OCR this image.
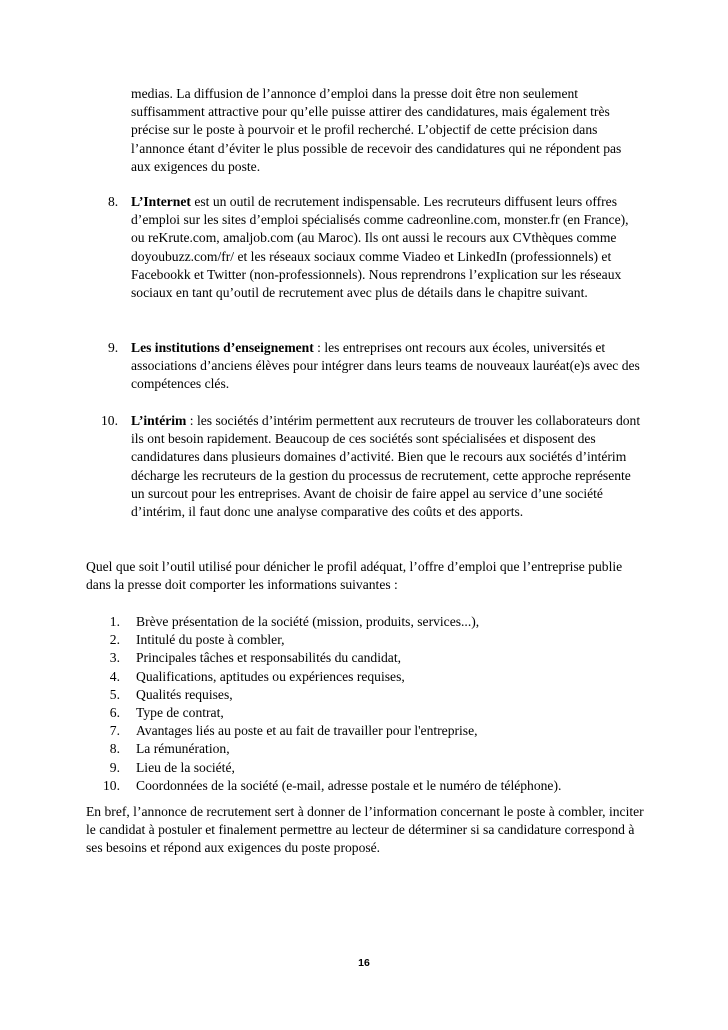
medias. La diffusion de l’annonce d’emploi dans la presse doit être non seulement suffisamment attractive pour qu’elle puisse attirer des candidatures, mais également très précise sur le poste à pourvoir et le profil recherché. L’objectif de cette précision dans l’annonce étant d’éviter le plus possible de recevoir des candidatures qui ne répondent pas aux exigences du poste.
8. L’Internet est un outil de recrutement indispensable. Les recruteurs diffusent leurs offres d’emploi sur les sites d’emploi spécialisés comme cadreonline.com, monster.fr (en France), ou reKrute.com, amaljob.com (au Maroc). Ils ont aussi le recours aux CVthèques comme doyoubuzz.com/fr/ et les réseaux sociaux comme Viadeo et LinkedIn (professionnels) et Facebookk et Twitter (non-professionnels). Nous reprendrons l’explication sur les réseaux sociaux en tant qu’outil de recrutement avec plus de détails dans le chapitre suivant.
9. Les institutions d’enseignement : les entreprises ont recours aux écoles, universités et associations d’anciens élèves pour intégrer dans leurs teams de nouveaux lauréat(e)s avec des compétences clés.
10. L’intérim : les sociétés d’intérim permettent aux recruteurs de trouver les collaborateurs dont ils ont besoin rapidement. Beaucoup de ces sociétés sont spécialisées et disposent des candidatures dans plusieurs domaines d’activité. Bien que le recours aux sociétés d’intérim décharge les recruteurs de la gestion du processus de recrutement, cette approche représente un surcout pour les entreprises. Avant de choisir de faire appel au service d’une société d’intérim, il faut donc une analyse comparative des coûts et des apports.
Quel que soit l’outil utilisé pour dénicher le profil adéquat, l’offre d’emploi que l’entreprise publie dans la presse doit comporter les informations suivantes :
1. Brève présentation de la société (mission, produits, services...),
2. Intitulé du poste à combler,
3. Principales tâches et responsabilités du candidat,
4. Qualifications, aptitudes ou expériences requises,
5. Qualités requises,
6. Type de contrat,
7. Avantages liés au poste et au fait de travailler pour l'entreprise,
8. La rémunération,
9. Lieu de la société,
10. Coordonnées de la société (e-mail, adresse postale et le numéro de téléphone).
En bref, l’annonce de recrutement sert à donner de l’information concernant le poste à combler, inciter le candidat à postuler et finalement permettre au lecteur de déterminer si sa candidature correspond à ses besoins et répond aux exigences du poste proposé.
16
